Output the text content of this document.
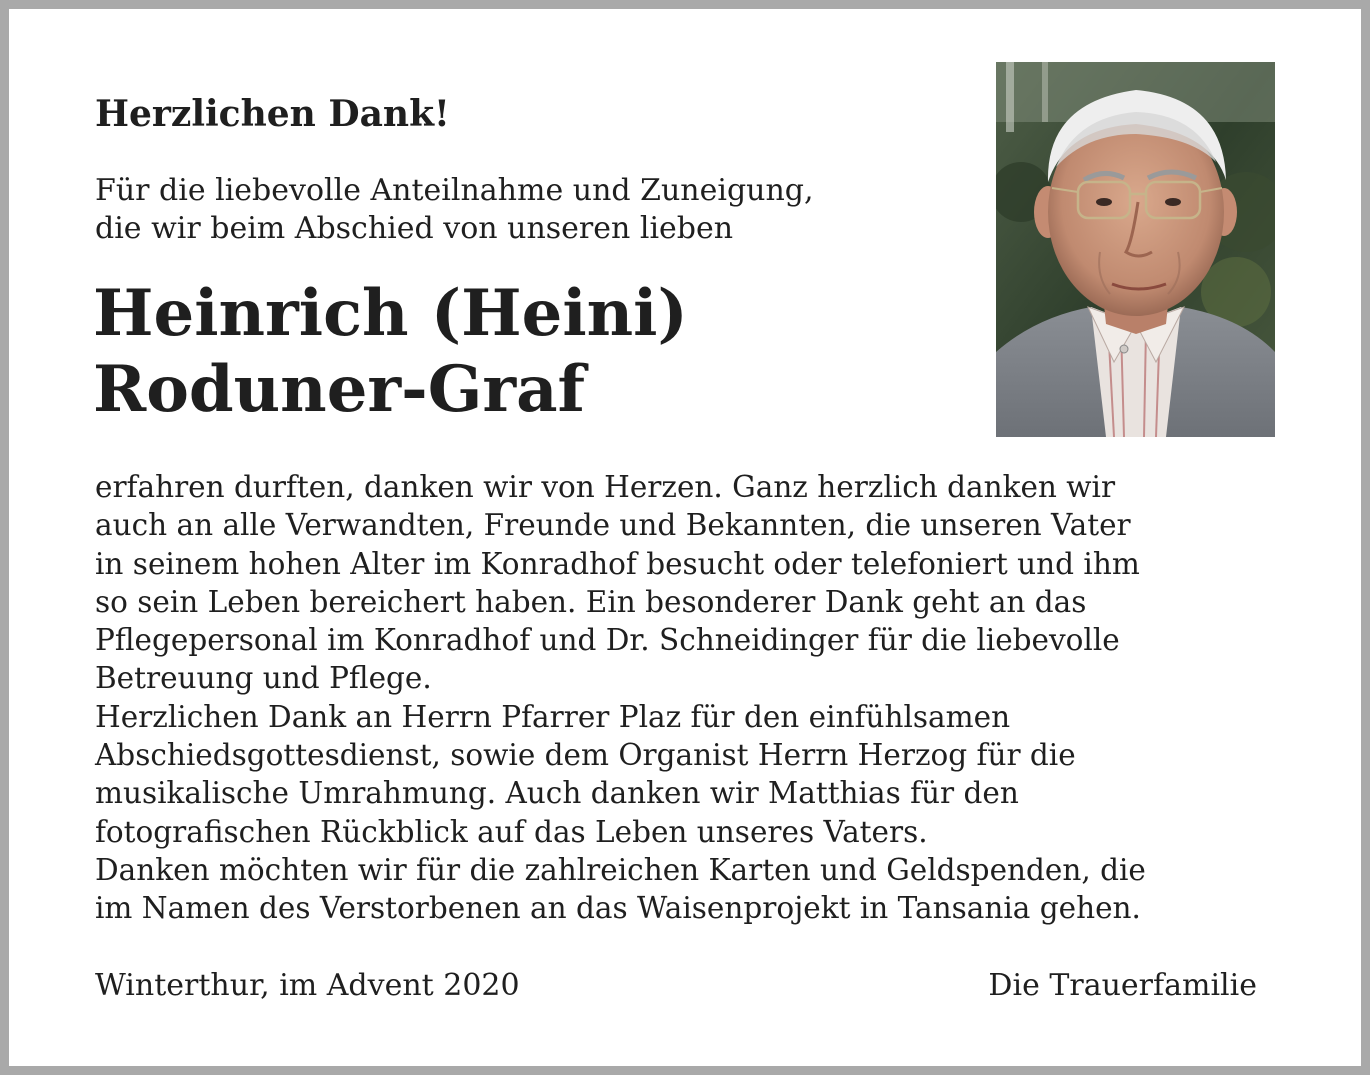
Herzlichen Dank!

Für die liebevolle Anteilnahme und Zuneigung,
die wir beim Abschied von unseren lieben

Heinrich (Heini)
Roduner-Graf

erfahren durften, danken wir von Herzen. Ganz herzlich danken wir
auch an alle Verwandten, Freunde und Bekannten, die unseren Vater
in seinem hohen Alter im Konradhof besucht oder telefoniert und ihm
so sein Leben bereichert haben. Ein besonderer Dank geht an das
Pflegepersonal im Konradhof und Dr. Schneidinger für die liebevolle
Betreuung und Pflege.
Herzlichen Dank an Herrn Pfarrer Plaz für den einfühlsamen
Abschiedsgottesdienst, sowie dem Organist Herrn Herzog für die
musikalische Umrahmung. Auch danken wir Matthias für den
fotografischen Rückblick auf das Leben unseres Vaters.
Danken möchten wir für die zahlreichen Karten und Geldspenden, die
im Namen des Verstorbenen an das Waisenprojekt in Tansania gehen.

Winterthur, im Advent 2020	Die Trauerfamilie
